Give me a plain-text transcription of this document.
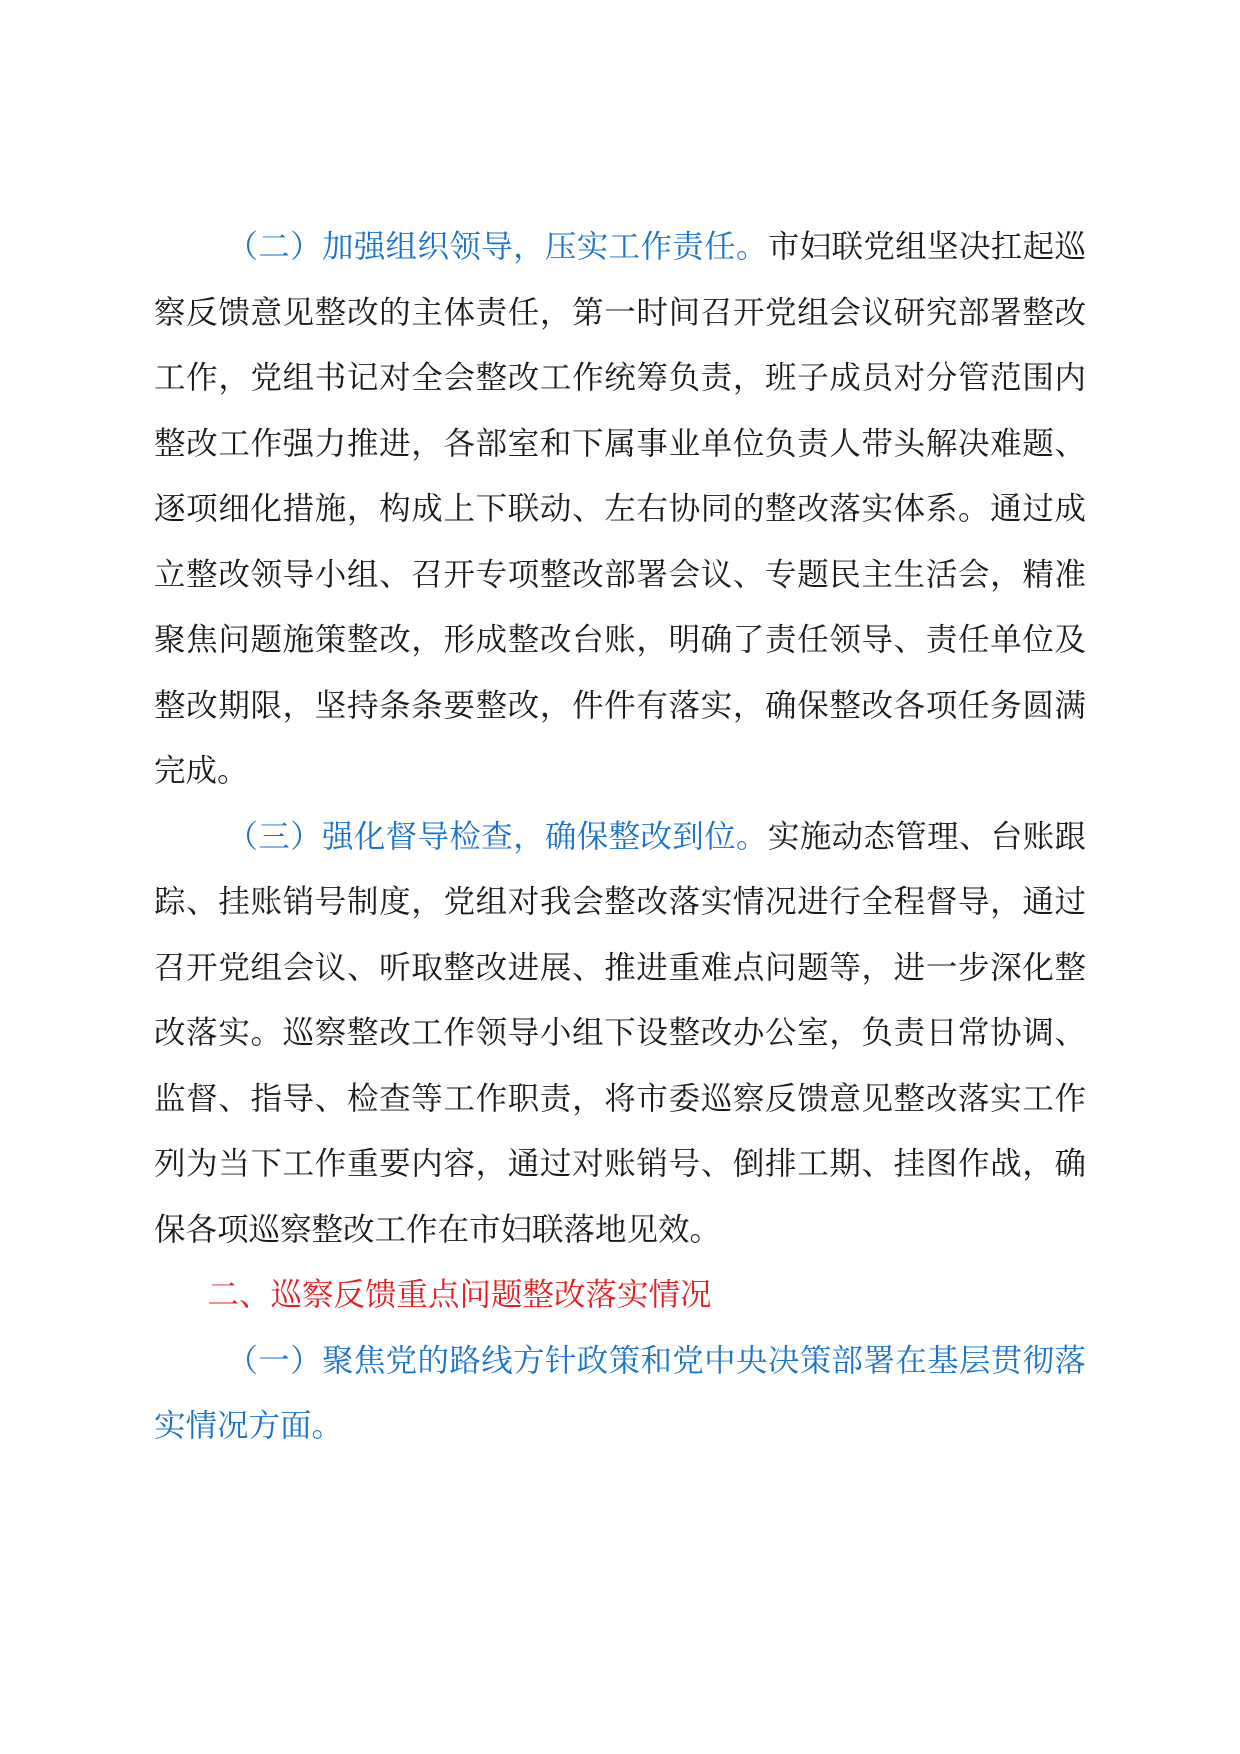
（二）加强组织领导，压实工作责任。市妇联党组坚决扛起巡察反馈意见整改的主体责任，第一时间召开党组会议研究部署整改工作，党组书记对全会整改工作统筹负责，班子成员对分管范围内整改工作强力推进，各部室和下属事业单位负责人带头解决难题、逐项细化措施，构成上下联动、左右协同的整改落实体系。通过成立整改领导小组、召开专项整改部署会议、专题民主生活会，精准聚焦问题施策整改，形成整改台账，明确了责任领导、责任单位及整改期限，坚持条条要整改，件件有落实，确保整改各项任务圆满完成。

（三）强化督导检查，确保整改到位。实施动态管理、台账跟踪、挂账销号制度，党组对我会整改落实情况进行全程督导，通过召开党组会议、听取整改进展、推进重难点问题等，进一步深化整改落实。巡察整改工作领导小组下设整改办公室，负责日常协调、监督、指导、检查等工作职责，将市委巡察反馈意见整改落实工作列为当下工作重要内容，通过对账销号、倒排工期、挂图作战，确保各项巡察整改工作在市妇联落地见效。

二、巡察反馈重点问题整改落实情况

（一）聚焦党的路线方针政策和党中央决策部署在基层贯彻落实情况方面。
